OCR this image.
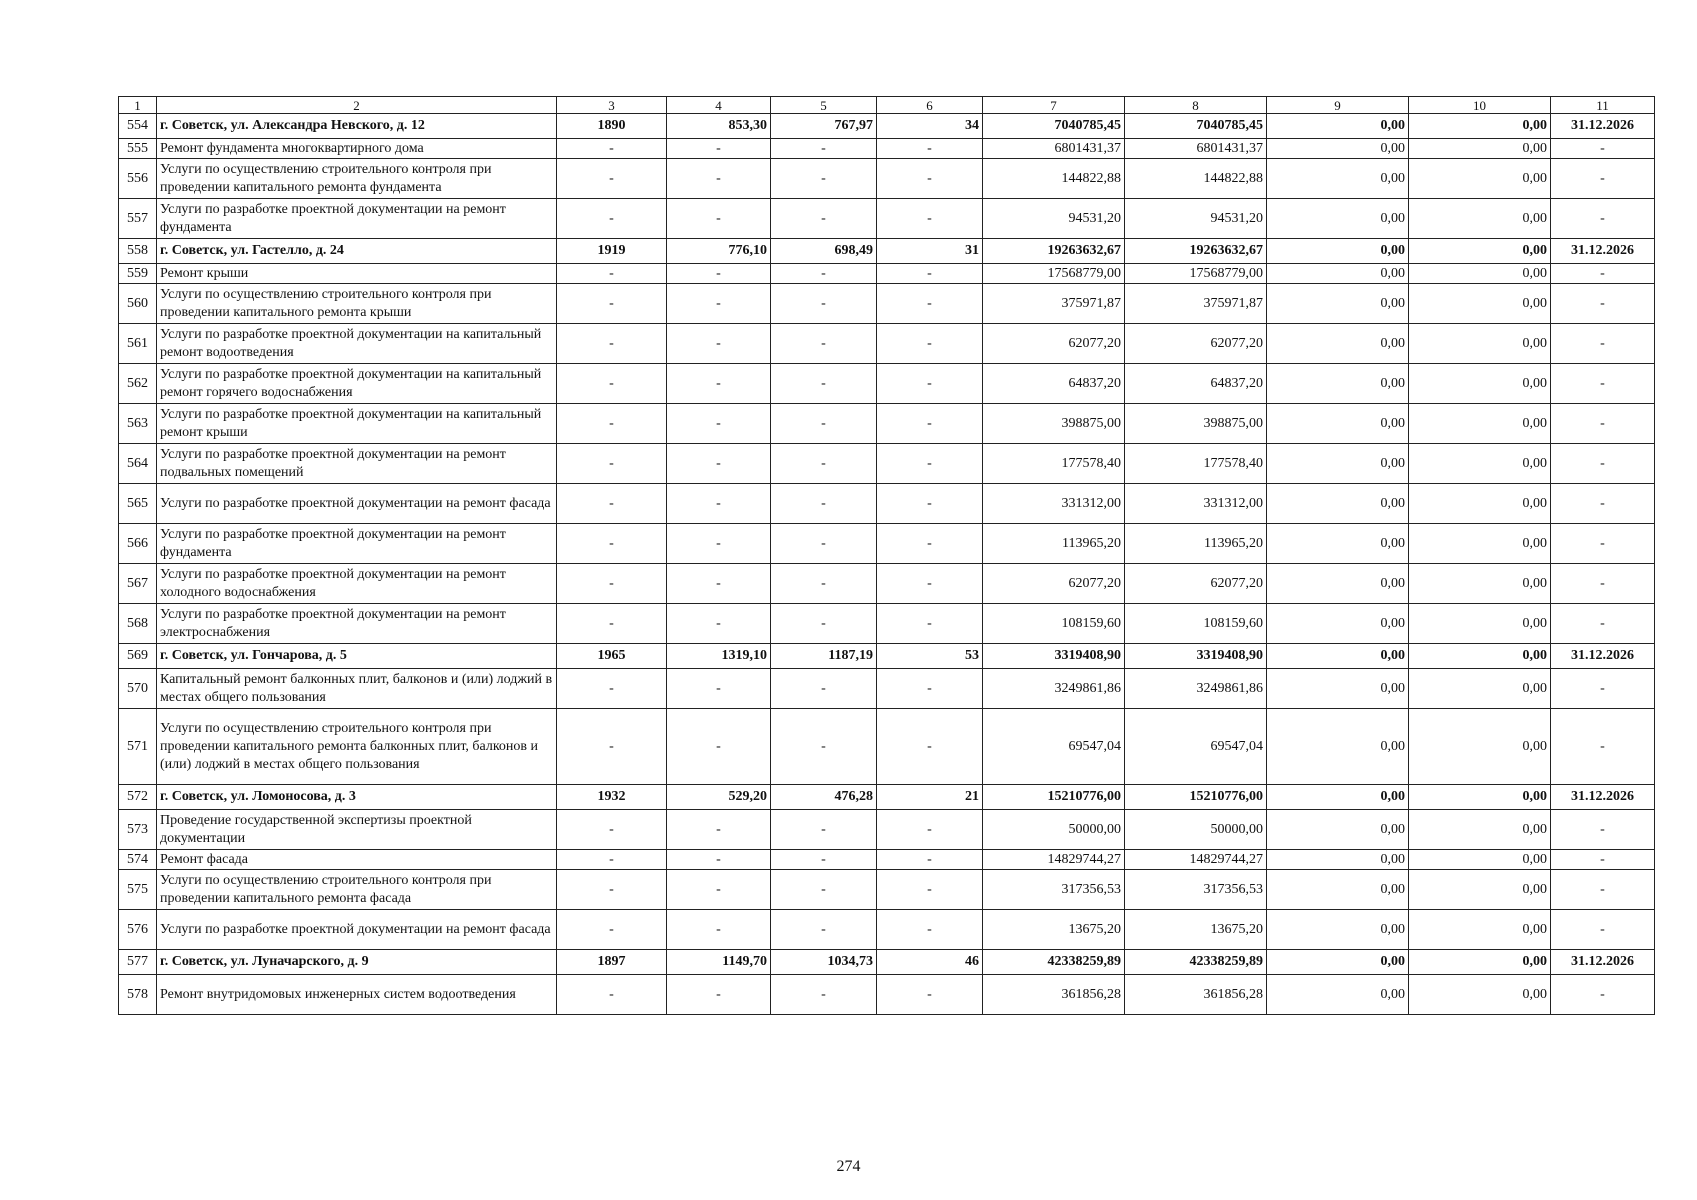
1	2	3	4	5	6	7	8	9	10	11
554	г. Советск, ул. Александра Невского, д. 12	1890	853,30	767,97	34	7040785,45	7040785,45	0,00	0,00	31.12.2026
555	Ремонт фундамента многоквартирного дома	-	-	-	-	6801431,37	6801431,37	0,00	0,00	-
556	Услуги по осуществлению строительного контроля при проведении капитального ремонта фундамента	-	-	-	-	144822,88	144822,88	0,00	0,00	-
557	Услуги по разработке проектной документации на ремонт фундамента	-	-	-	-	94531,20	94531,20	0,00	0,00	-
558	г. Советск, ул. Гастелло, д. 24	1919	776,10	698,49	31	19263632,67	19263632,67	0,00	0,00	31.12.2026
559	Ремонт крыши	-	-	-	-	17568779,00	17568779,00	0,00	0,00	-
560	Услуги по осуществлению строительного контроля при проведении капитального ремонта крыши	-	-	-	-	375971,87	375971,87	0,00	0,00	-
561	Услуги по разработке проектной документации на капитальный ремонт водоотведения	-	-	-	-	62077,20	62077,20	0,00	0,00	-
562	Услуги по разработке проектной документации на капитальный ремонт горячего водоснабжения	-	-	-	-	64837,20	64837,20	0,00	0,00	-
563	Услуги по разработке проектной документации на капитальный ремонт крыши	-	-	-	-	398875,00	398875,00	0,00	0,00	-
564	Услуги по разработке проектной документации на ремонт подвальных помещений	-	-	-	-	177578,40	177578,40	0,00	0,00	-
565	Услуги по разработке проектной документации на ремонт фасада	-	-	-	-	331312,00	331312,00	0,00	0,00	-
566	Услуги по разработке проектной документации на ремонт фундамента	-	-	-	-	113965,20	113965,20	0,00	0,00	-
567	Услуги по разработке проектной документации на ремонт холодного водоснабжения	-	-	-	-	62077,20	62077,20	0,00	0,00	-
568	Услуги по разработке проектной документации на ремонт электроснабжения	-	-	-	-	108159,60	108159,60	0,00	0,00	-
569	г. Советск, ул. Гончарова, д. 5	1965	1319,10	1187,19	53	3319408,90	3319408,90	0,00	0,00	31.12.2026
570	Капитальный ремонт балконных плит, балконов и (или) лоджий в местах общего пользования	-	-	-	-	3249861,86	3249861,86	0,00	0,00	-
571	Услуги по осуществлению строительного контроля при проведении капитального ремонта балконных плит, балконов и (или) лоджий в местах общего пользования	-	-	-	-	69547,04	69547,04	0,00	0,00	-
572	г. Советск, ул. Ломоносова, д. 3	1932	529,20	476,28	21	15210776,00	15210776,00	0,00	0,00	31.12.2026
573	Проведение государственной экспертизы проектной документации	-	-	-	-	50000,00	50000,00	0,00	0,00	-
574	Ремонт фасада	-	-	-	-	14829744,27	14829744,27	0,00	0,00	-
575	Услуги по осуществлению строительного контроля при проведении капитального ремонта фасада	-	-	-	-	317356,53	317356,53	0,00	0,00	-
576	Услуги по разработке проектной документации на ремонт фасада	-	-	-	-	13675,20	13675,20	0,00	0,00	-
577	г. Советск, ул. Луначарского, д. 9	1897	1149,70	1034,73	46	42338259,89	42338259,89	0,00	0,00	31.12.2026
578	Ремонт внутридомовых инженерных систем водоотведения	-	-	-	-	361856,28	361856,28	0,00	0,00	-
274
